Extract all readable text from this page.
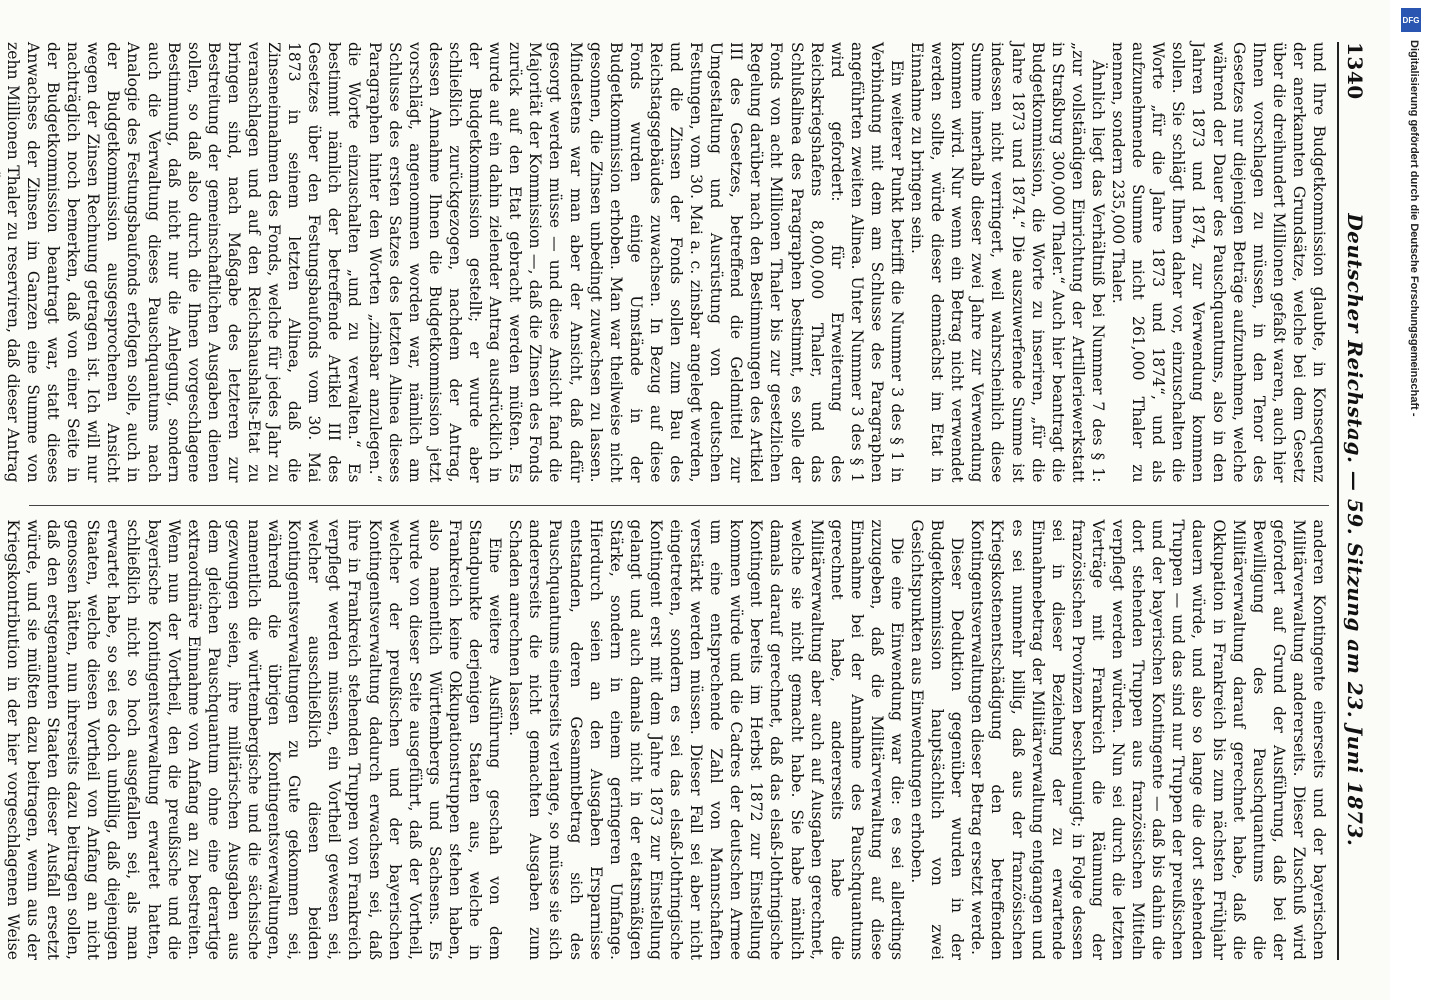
1340
Deutscher Reichstag. — 59. Sitzung am 23. Juni 1873.

und Ihre Budgetkommission glaubte, in Konsequenz der anerkannten Grundsätze, welche bei dem Gesetz über die dreihundert Millionen gefaßt waren, auch hier Ihnen vorschlagen zu müssen, in den Tenor des Gesetzes nur diejenigen Beträge aufzunehmen, welche während der Dauer des Pauschquantums, also in den Jahren 1873 und 1874, zur Verwendung kommen sollen. Sie schlägt Ihnen daher vor, einzuschalten die Worte „für die Jahre 1873 und 1874“, und als aufzunehmende Summe nicht 261,000 Thaler zu nennen, sondern 235,000 Thaler.

Ähnlich liegt das Verhältniß bei Nummer 7 des § 1: „zur vollständigen Einrichtung der Artilleriewerkstatt in Straßburg 300,000 Thaler.“ Auch hier beantragt die Budgetkommission, die Worte zu inseriren, „für die Jahre 1873 und 1874.“ Die auszuwerfende Summe ist indessen nicht verringert, weil wahrscheinlich diese Summe innerhalb dieser zwei Jahre zur Verwendung kommen wird. Nur wenn ein Betrag nicht verwendet werden sollte, würde dieser demnächst im Etat in Einnahme zu bringen sein.

Ein weiterer Punkt betrifft die Nummer 3 des § 1 in Verbindung mit dem am Schlusse des Paragraphen angeführten zweiten Alinea. Unter Nummer 3 des § 1 wird gefordert: für Erweiterung des Reichskriegshafens 8,000,000 Thaler, und das Schlußalinea des Paragraphen bestimmt, es solle der Fonds von acht Millionen Thaler bis zur gesetzlichen Regelung darüber nach den Bestimmungen des Artikel III des Gesetzes, betreffend die Geldmittel zur Umgestaltung und Ausrüstung von deutschen Festungen, vom 30. Mai a. c. zinsbar angelegt werden, und die Zinsen der Fonds sollen zum Bau des Reichstagsgebäudes zuwachsen. In Bezug auf diese Fonds wurden einige Umstände in der Budgetkommission erhoben. Man war theilweise nicht gesonnen, die Zinsen unbedingt zuwachsen zu lassen. Mindestens war man aber der Ansicht, daß dafür gesorgt werden müsse — und diese Ansicht fand die Majorität der Kommission —, daß die Zinsen des Fonds zurück auf den Etat gebracht werden müßten. Es wurde auf ein dahin zielender Antrag ausdrücklich in der Budgetkommission gestellt; er wurde aber schließlich zurückgezogen, nachdem der Antrag, dessen Annahme Ihnen die Budgetkommission jetzt vorschlägt, angenommen worden war, nämlich am Schlusse des ersten Satzes des letzten Alinea dieses Paragraphen hinter den Worten „zinsbar anzulegen.“ die Worte einzuschalten „und zu verwalten.“ Es bestimmt nämlich der betreffende Artikel III des Gesetzes über den Festungsbaufonds vom 30. Mai 1873 in seinem letzten Alinea, daß die Zinseneinnahmen des Fonds, welche für jedes Jahr zu veranschlagen und auf den Reichshaushalts-Etat zu bringen sind, nach Maßgabe des letzteren zur Bestreitung der gemeinschaftlichen Ausgaben dienen sollen, so daß also durch die Ihnen vorgeschlagene Bestimmung, daß nicht nur die Anlegung, sondern auch die Verwaltung dieses Pauschquantums nach Analogie des Festungsbaufonds erfolgen solle, auch in der Budgetkommission ausgesprochenen Ansicht wegen der Zinsen Rechnung getragen ist. Ich will nur nachträglich noch bemerken, daß von einer Seite in der Budgetkommission beantragt war, statt dieses Anwachses der Zinsen im Ganzen eine Summe von zehn Millionen Thaler zu reserviren, daß dieser Antrag

anderen Kontingente einerseits und der bayerischen Militärverwaltung andererseits. Dieser Zuschuß wird gefordert auf Grund der Ausführung, daß bei der Bewilligung des Pauschquantums die Militärverwaltung darauf gerechnet habe, daß die Okkupation in Frankreich bis zum nächsten Frühjahr dauern würde, und also so lange die dort stehenden Truppen — und das sind nur Truppen der preußischen und der bayerischen Kontingente — daß bis dahin die dort stehenden Truppen aus französischen Mitteln verpflegt werden würden. Nun sei durch die letzten Verträge mit Frankreich die Räumung der französischen Provinzen beschleunigt; in Folge dessen sei in dieser Beziehung der zu erwartende Einnahmebetrag der Militärverwaltung entgangen und es sei nunmehr billig, daß aus der französischen Kriegskostenentschädigung den betreffenden Kontingentsverwaltungen dieser Betrag ersetzt werde.

Dieser Deduktion gegenüber wurden in der Budgetkommission hauptsächlich von zwei Gesichtspunkten aus Einwendungen erhoben.

Die eine Einwendung war die: es sei allerdings zuzugeben, daß die Militärverwaltung auf diese Einnahme bei der Annahme des Pauschquantums gerechnet habe, andererseits habe die Militärverwaltung aber auch auf Ausgaben gerechnet, welche sie nicht gemacht habe. Sie habe nämlich damals darauf gerechnet, daß das elsaß-lothringische Kontingent bereits im Herbst 1872 zur Einstellung kommen würde und die Cadres der deutschen Armee um eine entsprechende Zahl von Mannschaften verstärkt werden müssen. Dieser Fall sei aber nicht eingetreten, sondern es sei das elsaß-lothringische Kontingent erst mit dem Jahre 1873 zur Einstellung gelangt und auch damals nicht in der etatsmäßigen Stärke, sondern in einem geringeren Umfange. Hierdurch seien an den Ausgaben Ersparnisse entstanden, deren Gesammtbetrag sich des Pauschquantums einerseits verlange, so müsse sie sich andererseits die nicht gemachten Ausgaben zum Schaden anrechnen lassen.

Eine weitere Ausführung geschah von dem Standpunkte derjenigen Staaten aus, welche in Frankreich keine Okkupationstruppen stehen haben, also namentlich Württembergs und Sachsens. Es wurde von dieser Seite ausgeführt, daß der Vortheil, welcher der preußischen und der bayerischen Kontingentsverwaltung dadurch erwachsen sei, daß ihre in Frankreich stehenden Truppen von Frankreich verpflegt werden müssen, ein Vortheil gewesen sei, welcher ausschließlich diesen beiden Kontingentsverwaltungen zu Gute gekommen sei, während die übrigen Kontingentsverwaltungen, namentlich die württembergische und die sächsische gezwungen seien, ihre militärischen Ausgaben aus dem gleichen Pauschquantum ohne eine derartige extraordinäre Einnahme von Anfang an zu bestreiten. Wenn nun der Vortheil, den die preußische und die bayerische Kontingentsverwaltung erwartet hatten, schließlich nicht so hoch ausgefallen sei, als man erwartet habe, so sei es doch unbillig, daß diejenigen Staaten, welche diesen Vortheil von Anfang an nicht genossen hätten, nun ihrerseits dazu beitragen sollen, daß den erstgenannten Staaten dieser Ausfall ersetzt würde, und sie müßten dazu beitragen, wenn aus der Kriegskontribution in der hier vorgeschlagenen Weise

DFG
Digitalisierung gefördert durch die Deutsche Forschungsgemeinschaft -
